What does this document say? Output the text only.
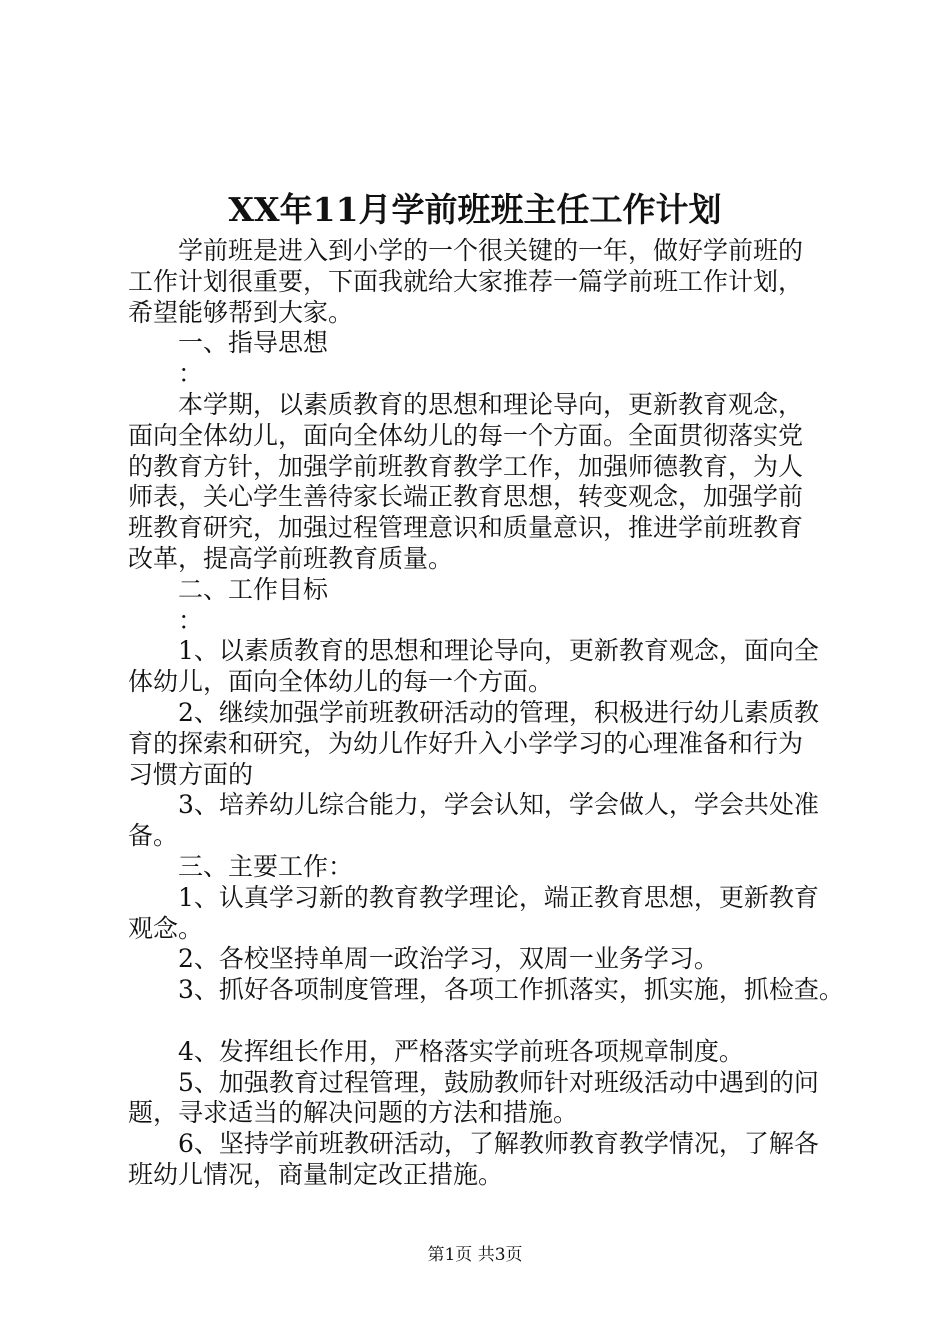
XX年11月学前班班主任工作计划
学前班是进入到小学的一个很关键的一年，做好学前班的
工作计划很重要，下面我就给大家推荐一篇学前班工作计划，
希望能够帮到大家。
一、指导思想
：
本学期，以素质教育的思想和理论导向，更新教育观念，
面向全体幼儿，面向全体幼儿的每一个方面。全面贯彻落实党
的教育方针，加强学前班教育教学工作，加强师德教育，为人
师表，关心学生善待家长端正教育思想，转变观念，加强学前
班教育研究，加强过程管理意识和质量意识，推进学前班教育
改革，提高学前班教育质量。
二、工作目标
：
1、以素质教育的思想和理论导向，更新教育观念，面向全
体幼儿，面向全体幼儿的每一个方面。
2、继续加强学前班教研活动的管理，积极进行幼儿素质教
育的探索和研究，为幼儿作好升入小学学习的心理准备和行为
习惯方面的
3、培养幼儿综合能力，学会认知，学会做人，学会共处准
备。
三、主要工作：
1、认真学习新的教育教学理论，端正教育思想，更新教育
观念。
2、各校坚持单周一政治学习，双周一业务学习。
3、抓好各项制度管理，各项工作抓落实，抓实施，抓检查。
4、发挥组长作用，严格落实学前班各项规章制度。
5、加强教育过程管理，鼓励教师针对班级活动中遇到的问
题，寻求适当的解决问题的方法和措施。
6、坚持学前班教研活动，了解教师教育教学情况，了解各
班幼儿情况，商量制定改正措施。
第1页 共3页
